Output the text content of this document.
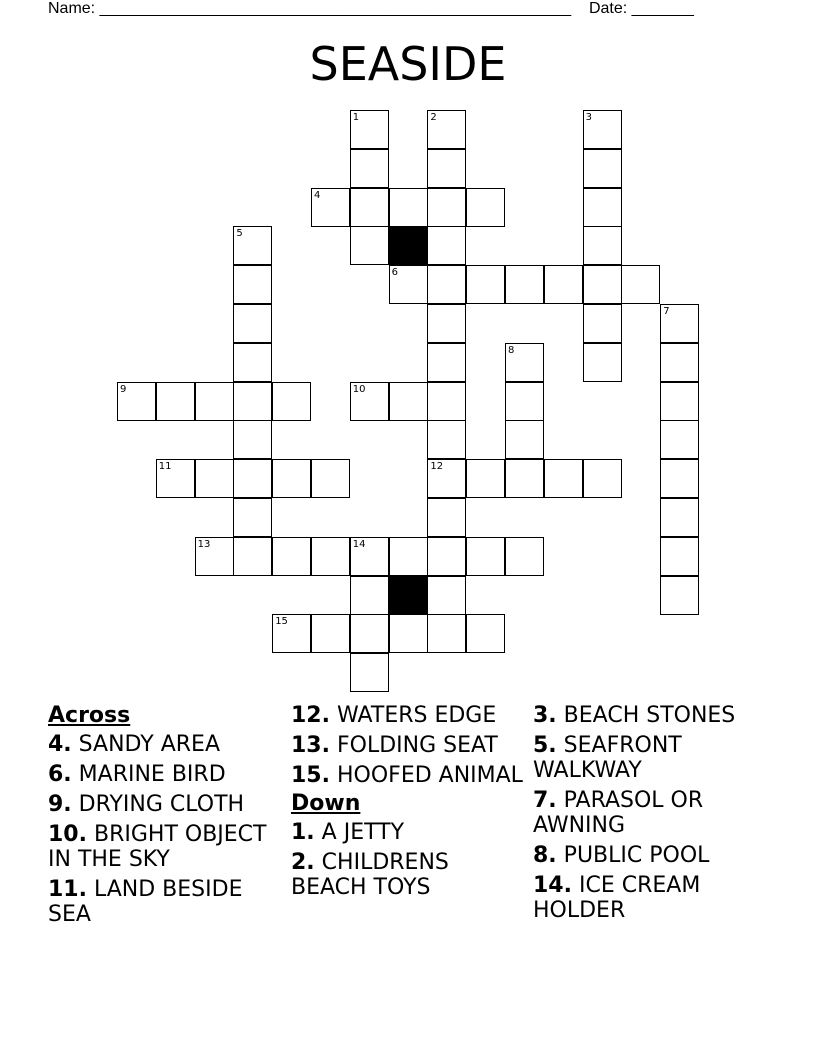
Name: _____________________________________________________ Date: _______
SEASIDE
1	2	3
4
5
6
7
8
9	10
11	12
13	14
15
Across
4. SANDY AREA
6. MARINE BIRD
9. DRYING CLOTH
10. BRIGHT OBJECT IN THE SKY
11. LAND BESIDE SEA
12. WATERS EDGE
13. FOLDING SEAT
15. HOOFED ANIMAL
Down
1. A JETTY
2. CHILDRENS BEACH TOYS
3. BEACH STONES
5. SEAFRONT WALKWAY
7. PARASOL OR AWNING
8. PUBLIC POOL
14. ICE CREAM HOLDER
